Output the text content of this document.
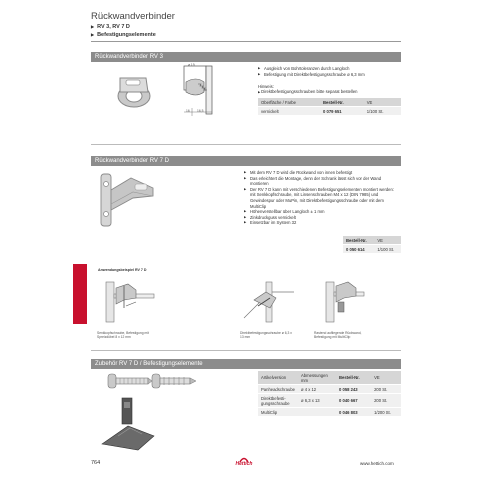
Rückwandverbinder
▶ RV 3, RV 7 D
▶ Befestigungselemente
Rückwandverbinder RV 3
ø 19
16 16,5
▶ Ausgleich von Bohrtoleranzen durch Langloch
▶ Befestigung mit Direktbefestigungsschraube ø 6,3 mm
Hinweis:
▶ Direktbefestigungsschrauben bitte separat bestellen
Oberfläche / Farbe	Bestell-Nr.	VE
vernickelt	0 079 651	1/100 St.
Rückwandverbinder RV 7 D
▶ Mit dem RV 7 D wird die Rückwand von innen befestigt
▶ Das erleichtert die Montage, denn der Schrank lässt sich vor der Wand montieren
▶ Der RV 7 D kann mit verschiedenen Befestigungselementen montiert werden: mit Senkkopfschraube, mit Linsenschrauben M4 x 12 (DIN 7985) und Gewindespur oder MuPin, mit Direktbefestigungsschraube oder mit dem MultiClip
▶ Höhenverstellbar über Langloch ± 1 mm
▶ Zinkdruckguss vernickelt
▶ Einsetzbar im System 32
Bestell-Nr.	VE
0 050 614	1/100 St.
Anwendungsbeispiel RV 7 D
Senkkopfschraube, Befestigung mit Spreizdübel 8 x 12 mm
Direktbefestigungsschraube ø 6,3 x 13 mm
Rastend aufliegende Rückwand, Befestigung mit MultiClip
Zubehör RV 7 D / Befestigungselemente
Artikelversion	Abmessungen mm	Bestell-Nr.	VE
Panheadschraube	ø 4 x 12	0 058 243	200 St.
Direktbefesti-gungsschraube	ø 6,3 x 13	0 040 667	200 St.
MultiClip		0 046 803	1/200 St.
764	Hettich	www.hettich.com
